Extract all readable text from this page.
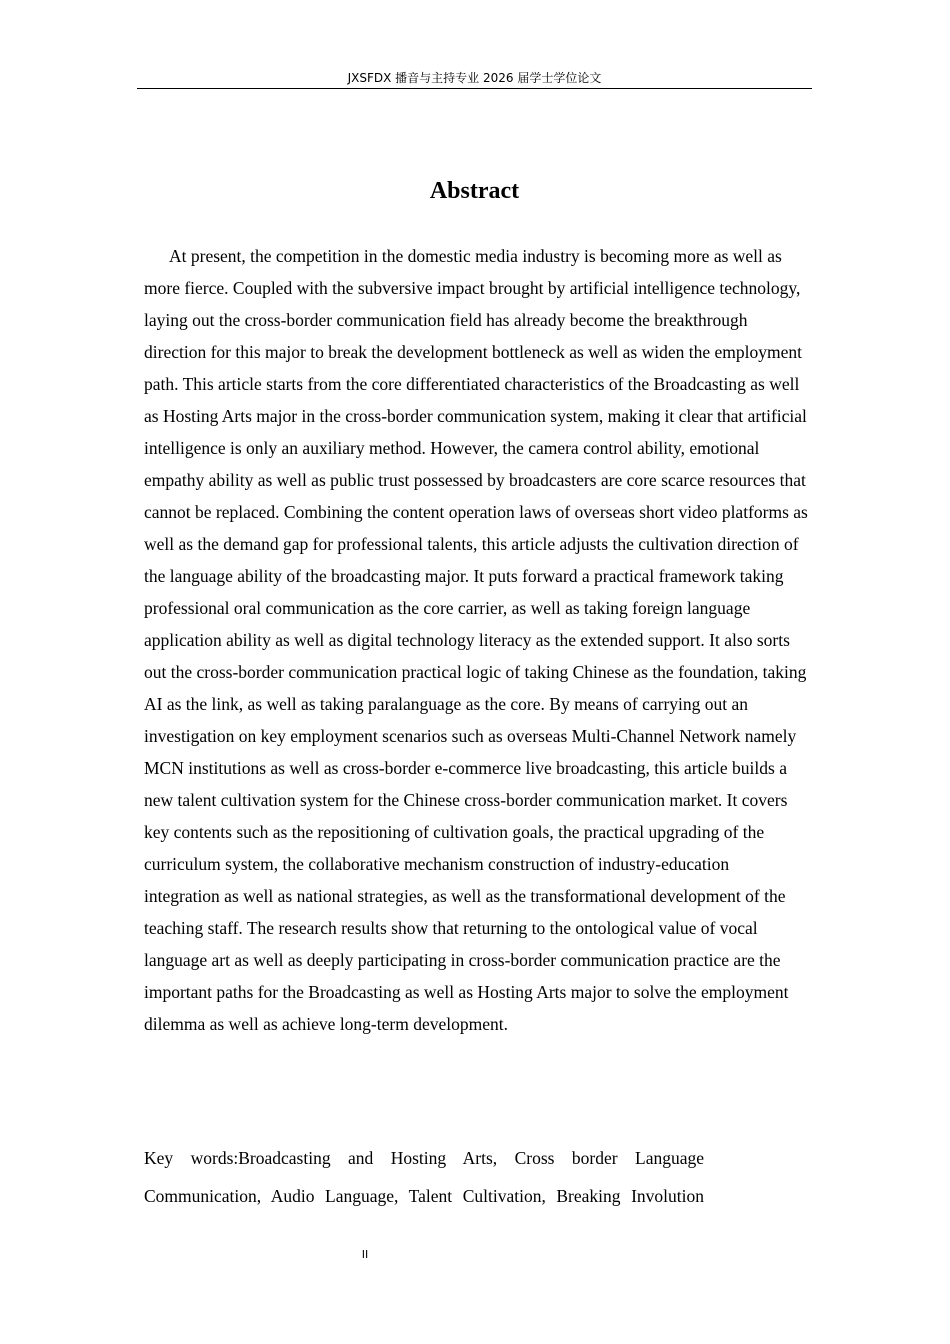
JXSFDX 播音与主持专业 2026 届学士学位论文
Abstract

At present, the competition in the domestic media industry is becoming more as well as more fierce. Coupled with the subversive impact brought by artificial intelligence technology, laying out the cross-border communication field has already become the breakthrough direction for this major to break the development bottleneck as well as widen the employment path. This article starts from the core differentiated characteristics of the Broadcasting as well as Hosting Arts major in the cross-border communication system, making it clear that artificial intelligence is only an auxiliary method. However, the camera control ability, emotional empathy ability as well as public trust possessed by broadcasters are core scarce resources that cannot be replaced. Combining the content operation laws of overseas short video platforms as well as the demand gap for professional talents, this article adjusts the cultivation direction of the language ability of the broadcasting major. It puts forward a practical framework taking professional oral communication as the core carrier, as well as taking foreign language application ability as well as digital technology literacy as the extended support. It also sorts out the cross-border communication practical logic of taking Chinese as the foundation, taking AI as the link, as well as taking paralanguage as the core. By means of carrying out an investigation on key employment scenarios such as overseas Multi-Channel Network namely MCN institutions as well as cross-border e-commerce live broadcasting, this article builds a new talent cultivation system for the Chinese cross-border communication market. It covers key contents such as the repositioning of cultivation goals, the practical upgrading of the curriculum system, the collaborative mechanism construction of industry-education integration as well as national strategies, as well as the transformational development of the teaching staff. The research results show that returning to the ontological value of vocal language art as well as deeply participating in cross-border communication practice are the important paths for the Broadcasting as well as Hosting Arts major to solve the employment dilemma as well as achieve long-term development.

Key words:Broadcasting and Hosting Arts, Cross border Language
Communication, Audio Language, Talent Cultivation, Breaking Involution

II
